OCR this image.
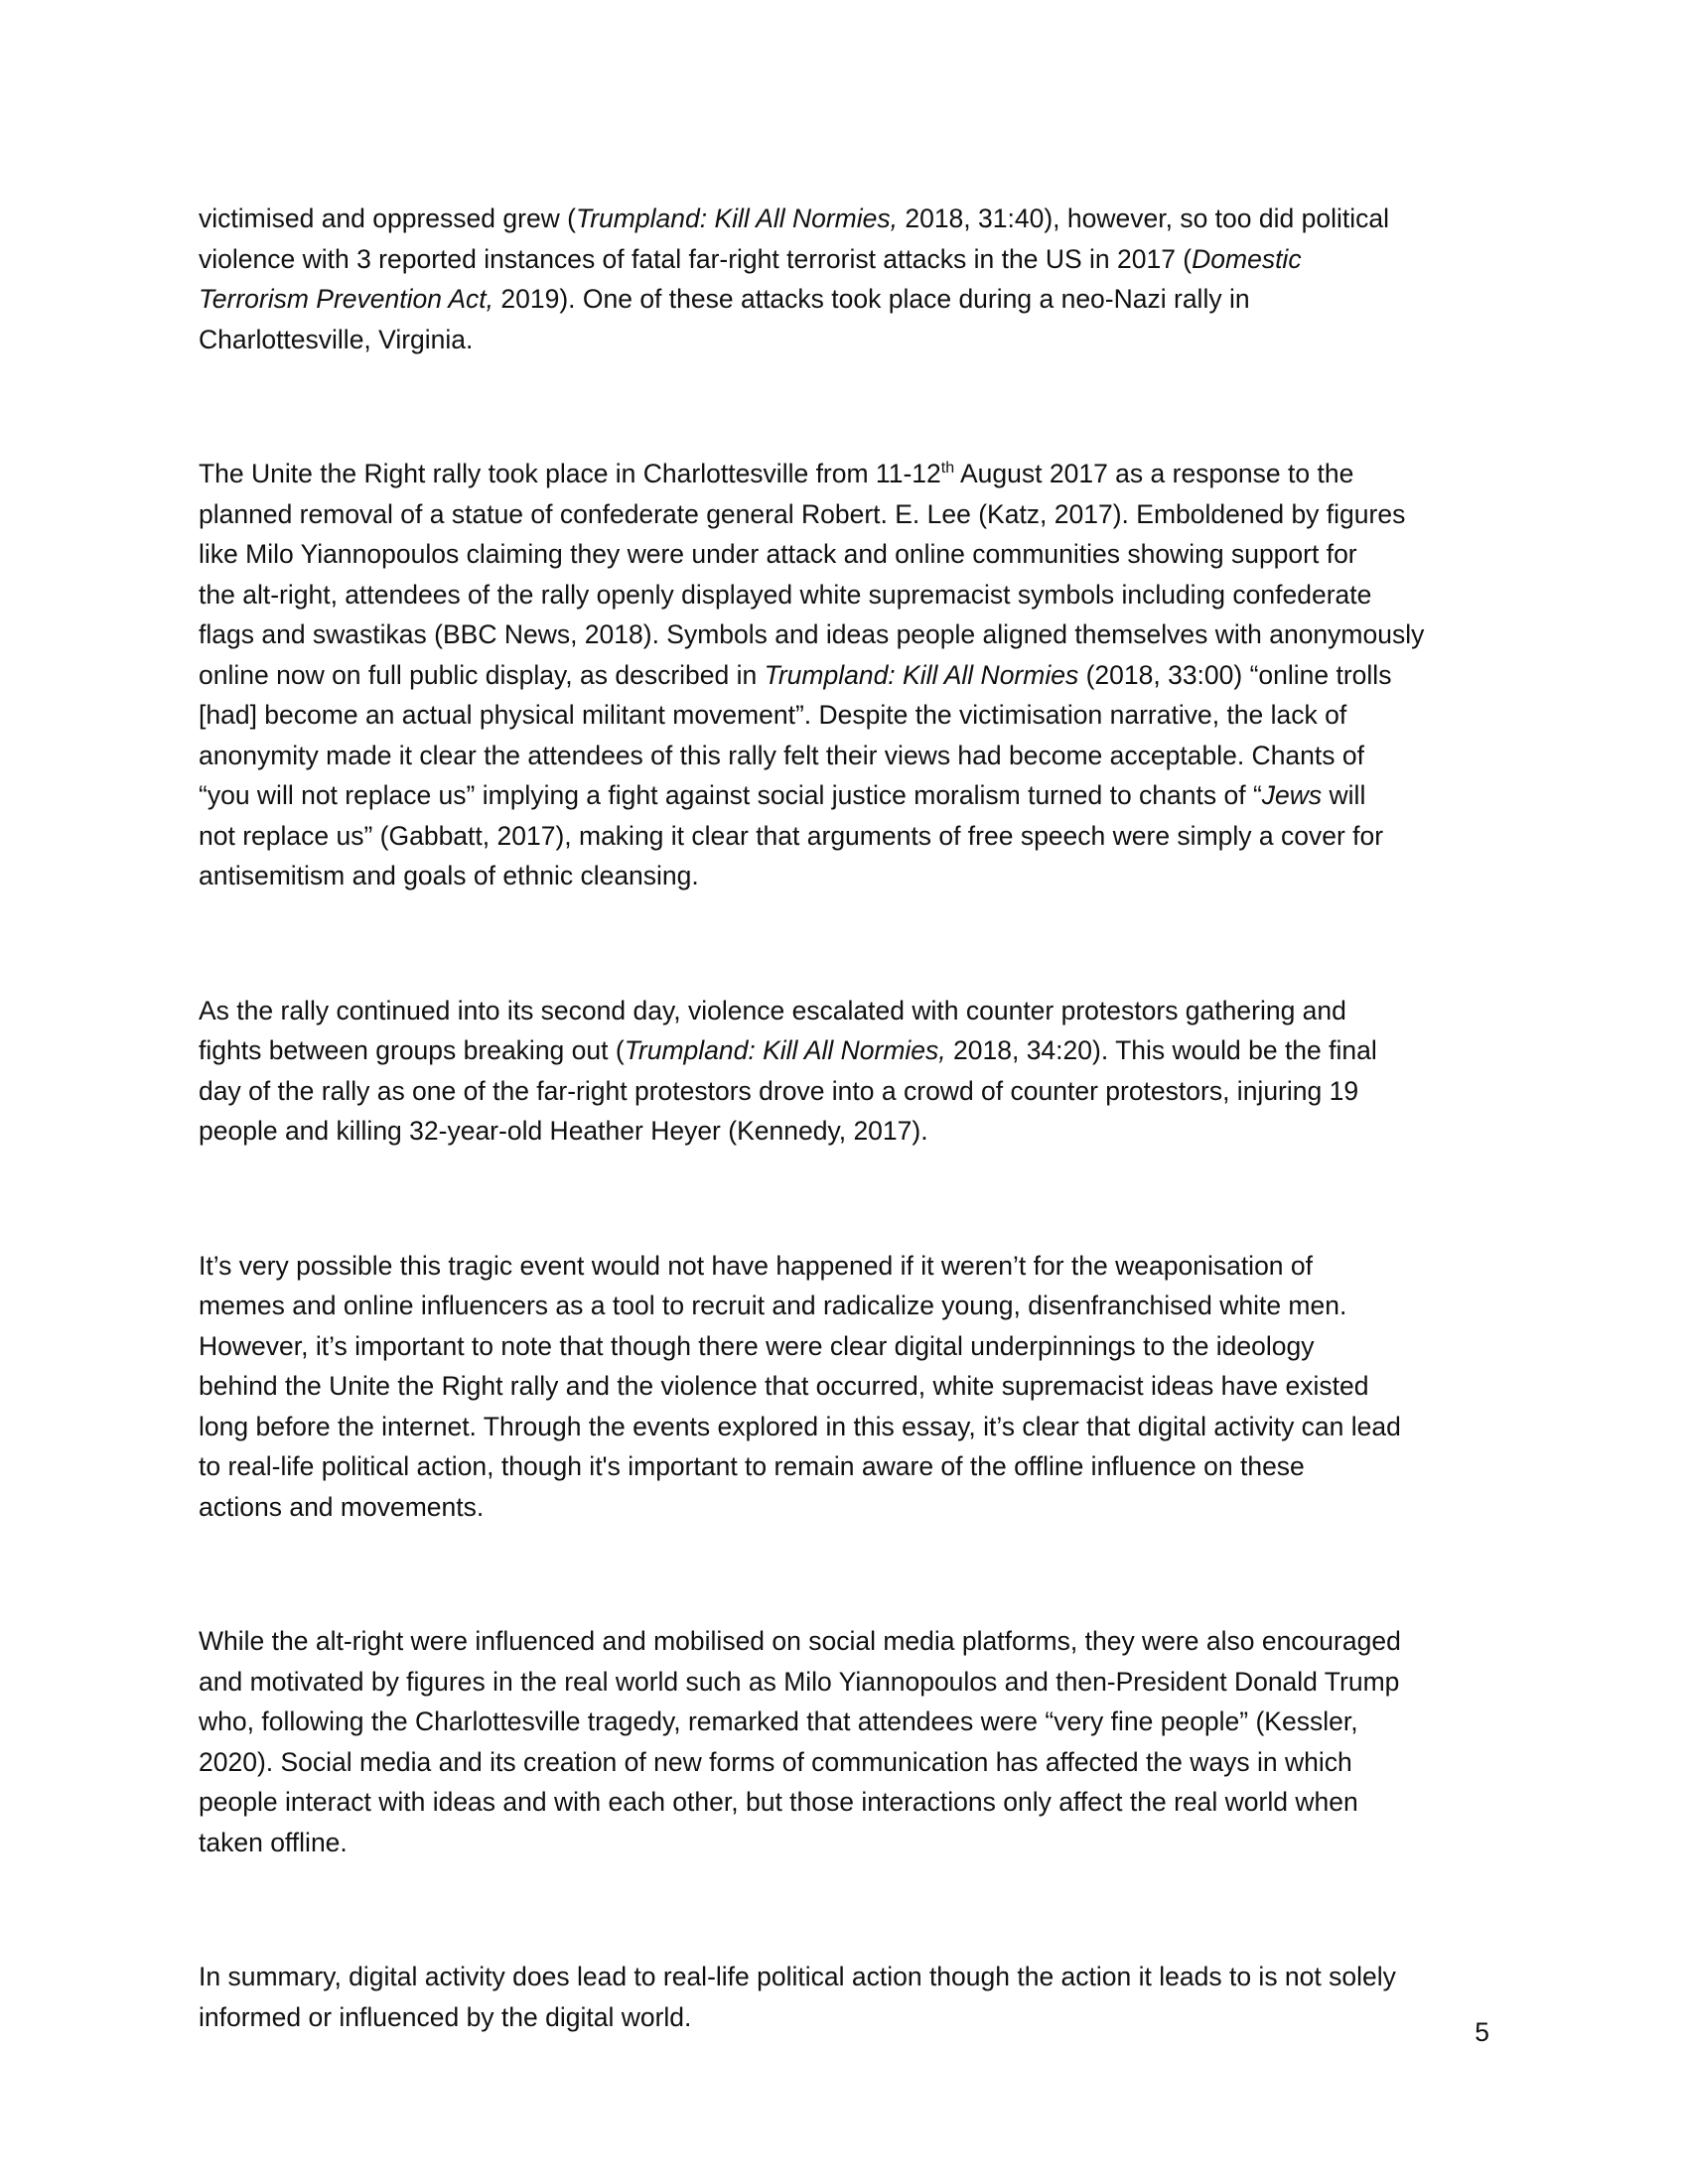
victimised and oppressed grew (Trumpland: Kill All Normies, 2018, 31:40), however, so too did political
violence with 3 reported instances of fatal far-right terrorist attacks in the US in 2017 (Domestic
Terrorism Prevention Act, 2019). One of these attacks took place during a neo-Nazi rally in
Charlottesville, Virginia.

The Unite the Right rally took place in Charlottesville from 11-12th August 2017 as a response to the
planned removal of a statue of confederate general Robert. E. Lee (Katz, 2017). Emboldened by figures
like Milo Yiannopoulos claiming they were under attack and online communities showing support for
the alt-right, attendees of the rally openly displayed white supremacist symbols including confederate
flags and swastikas (BBC News, 2018). Symbols and ideas people aligned themselves with anonymously
online now on full public display, as described in Trumpland: Kill All Normies (2018, 33:00) “online trolls
[had] become an actual physical militant movement”. Despite the victimisation narrative, the lack of
anonymity made it clear the attendees of this rally felt their views had become acceptable. Chants of
“you will not replace us” implying a fight against social justice moralism turned to chants of “Jews will
not replace us” (Gabbatt, 2017), making it clear that arguments of free speech were simply a cover for
antisemitism and goals of ethnic cleansing.

As the rally continued into its second day, violence escalated with counter protestors gathering and
fights between groups breaking out (Trumpland: Kill All Normies, 2018, 34:20). This would be the final
day of the rally as one of the far-right protestors drove into a crowd of counter protestors, injuring 19
people and killing 32-year-old Heather Heyer (Kennedy, 2017).

It’s very possible this tragic event would not have happened if it weren’t for the weaponisation of
memes and online influencers as a tool to recruit and radicalize young, disenfranchised white men.
However, it’s important to note that though there were clear digital underpinnings to the ideology
behind the Unite the Right rally and the violence that occurred, white supremacist ideas have existed
long before the internet. Through the events explored in this essay, it’s clear that digital activity can lead
to real-life political action, though it's important to remain aware of the offline influence on these
actions and movements.

While the alt-right were influenced and mobilised on social media platforms, they were also encouraged
and motivated by figures in the real world such as Milo Yiannopoulos and then-President Donald Trump
who, following the Charlottesville tragedy, remarked that attendees were “very fine people” (Kessler,
2020). Social media and its creation of new forms of communication has affected the ways in which
people interact with ideas and with each other, but those interactions only affect the real world when
taken offline.

In summary, digital activity does lead to real-life political action though the action it leads to is not solely
informed or influenced by the digital world.

5
